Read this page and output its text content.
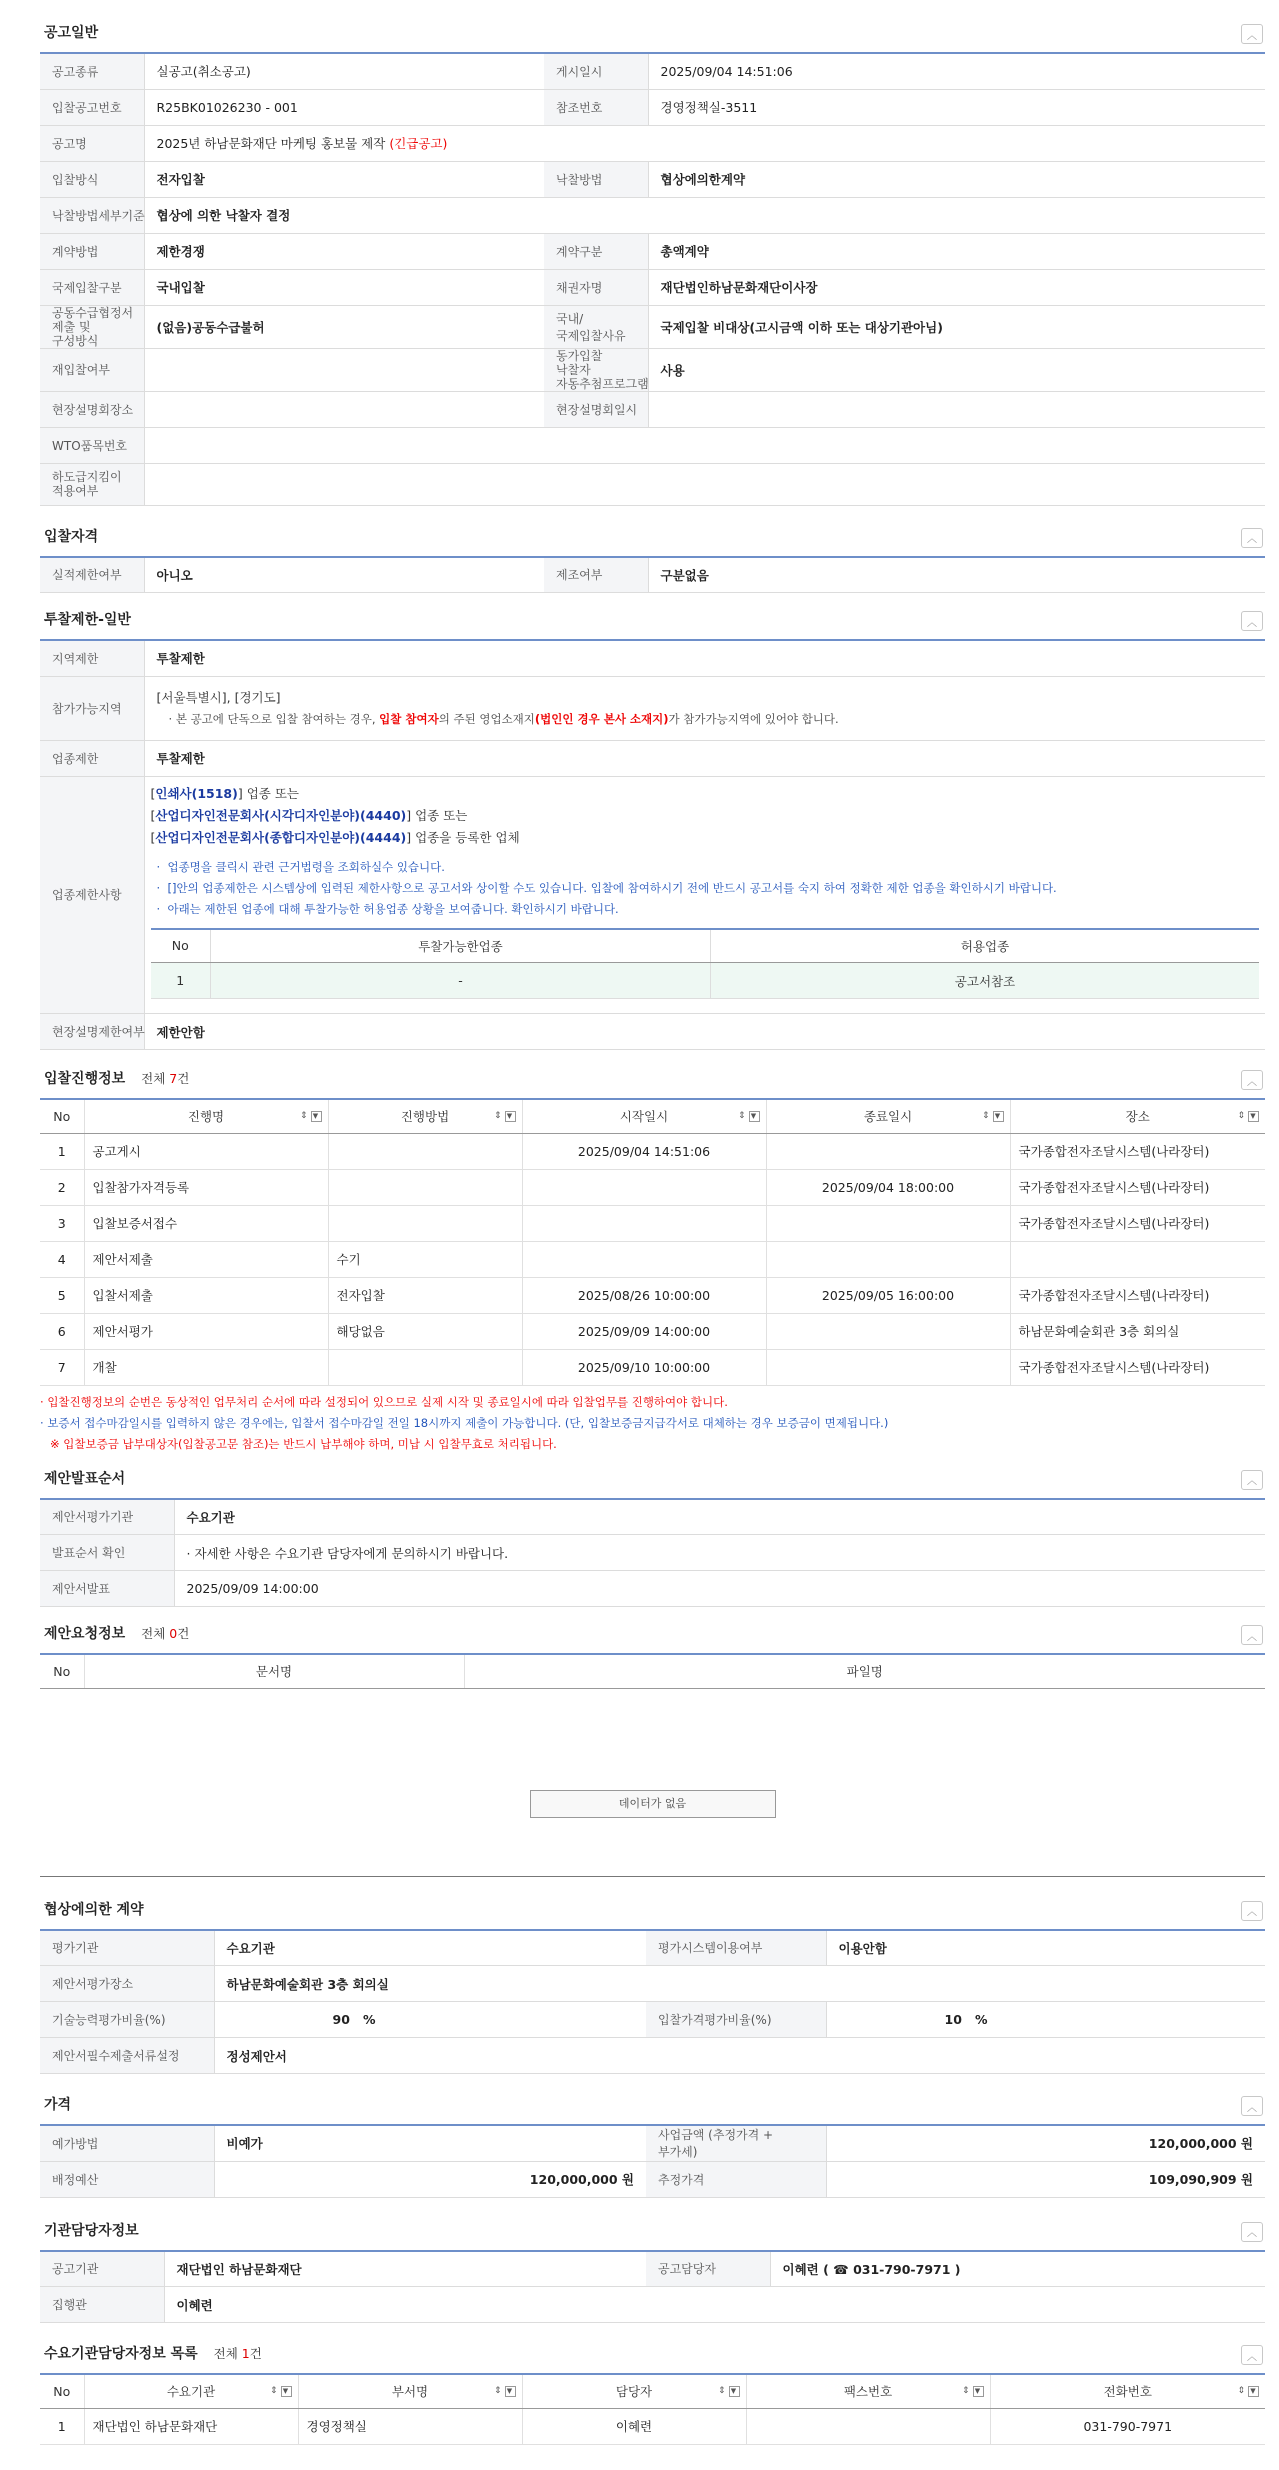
공고일반	︿
공고종류	실공고(취소공고)	게시일시	2025/09/04 14:51:06
입찰공고번호	R25BK01026230 - 001	참조번호	경영정책실-3511
공고명	2025년 하남문화재단 마케팅 홍보물 제작 (긴급공고)		
입찰방식	전자입찰	낙찰방법	협상에의한계약
낙찰방법세부기준	협상에 의한 낙찰자 결정		
계약방법	제한경쟁	계약구분	총액계약
국제입찰구분	국내입찰	채권자명	재단법인하남문화재단이사장
공동수급협정서 제출 및 구성방식	(없음)공동수급불허	국내/국제입찰사유	국제입찰 비대상(고시금액 이하 또는 대상기관아님)
재입찰여부		동가입찰 낙찰자 자동추첨프로그램	사용
현장설명회장소		현장설명회일시	
WTO품목번호			
하도급지킴이 적용여부			
입찰자격	︿
실적제한여부	아니오	제조여부	구분없음
투찰제한-일반	︿
지역제한	투찰제한
참가가능지역	
[서울특별시], [경기도]
· 본 공고에 단독으로 입찰 참여하는 경우, 입찰 참여자의 주된 영업소재지(법인인 경우 본사 소재지)가 참가가능지역에 있어야 합니다.

업종제한	투찰제한
업종제한사항	
[인쇄사(1518)] 업종 또는
[산업디자인전문회사(시각디자인분야)(4440)] 업종 또는
[산업디자인전문회사(종합디자인분야)(4444)] 업종을 등록한 업체
·  업종명을 클릭시 관련 근거법령을 조회하실수 있습니다.
·  []안의 업종제한은 시스템상에 입력된 제한사항으로 공고서와 상이할 수도 있습니다. 입찰에 참여하시기 전에 반드시 공고서를 숙지 하여 정확한 제한 업종을 확인하시기 바랍니다.
·  아래는 제한된 업종에 대해 투찰가능한 허용업종 상황을 보여줍니다. 확인하시기 바랍니다.
No	투찰가능한업종	허용업종
1	-	공고서참조

현장설명제한여부	제한안함
입찰진행정보 전체 7건	︿
No	진행명 ⇕ ▼	진행방법 ⇕ ▼	시작일시 ⇕ ▼	종료일시 ⇕ ▼	장소 ⇕ ▼

1	공고게시		2025/09/04 14:51:06		국가종합전자조달시스템(나라장터)
2	입찰참가자격등록			2025/09/04 18:00:00	국가종합전자조달시스템(나라장터)
3	입찰보증서접수				국가종합전자조달시스템(나라장터)
4	제안서제출	수기			
5	입찰서제출	전자입찰	2025/08/26 10:00:00	2025/09/05 16:00:00	국가종합전자조달시스템(나라장터)
6	제안서평가	해당없음	2025/09/09 14:00:00		하남문화예술회관 3층 회의실
7	개찰		2025/09/10 10:00:00		국가종합전자조달시스템(나라장터)
· 입찰진행정보의 순번은 동상적인 업무처리 순서에 따라 설정되어 있으므로 실제 시작 및 종료일시에 따라 입찰업무를 진행하여야 합니다.
· 보증서 접수마감일시를 입력하지 않은 경우에는, 입찰서 접수마감일 전일 18시까지 제출이 가능합니다. (단, 입찰보증금지급각서로 대체하는 경우 보증금이 면제됩니다.)
※ 입찰보증금 납부대상자(입찰공고문 참조)는 반드시 납부해야 하며, 미납 시 입찰무효로 처리됩니다.
제안발표순서	︿
제안서평가기관	수요기관
발표순서 확인	· 자세한 사항은 수요기관 담당자에게 문의하시기 바랍니다.
제안서발표	2025/09/09 14:00:00
제안요청정보 전체 0건	︿
No	문서명	파일명

데이터가 없음
협상에의한 계약	︿
평가기관	수요기관	평가시스템이용여부	이용안함
제안서평가장소	하남문화예술회관 3층 회의실		
기술능력평가비율(%)	90 %	입찰가격평가비율(%)	10 %
제안서필수제출서류설정	정성제안서		
가격	︿
예가방법	비예가	사업금액 (추정가격 + 부가세)	120,000,000 원
배정예산	120,000,000 원	추정가격	109,090,909 원
기관담당자정보	︿
공고기관	재단법인 하남문화재단	공고담당자	이혜련 ( ☎ 031-790-7971 )
집행관	이혜련		
수요기관담당자정보 목록 전체 1건	︿
No	수요기관 ⇕ ▼	부서명 ⇕ ▼	담당자 ⇕ ▼	팩스번호 ⇕ ▼	전화번호 ⇕ ▼

1	재단법인 하남문화재단	경영정책실	이혜련		031-790-7971
